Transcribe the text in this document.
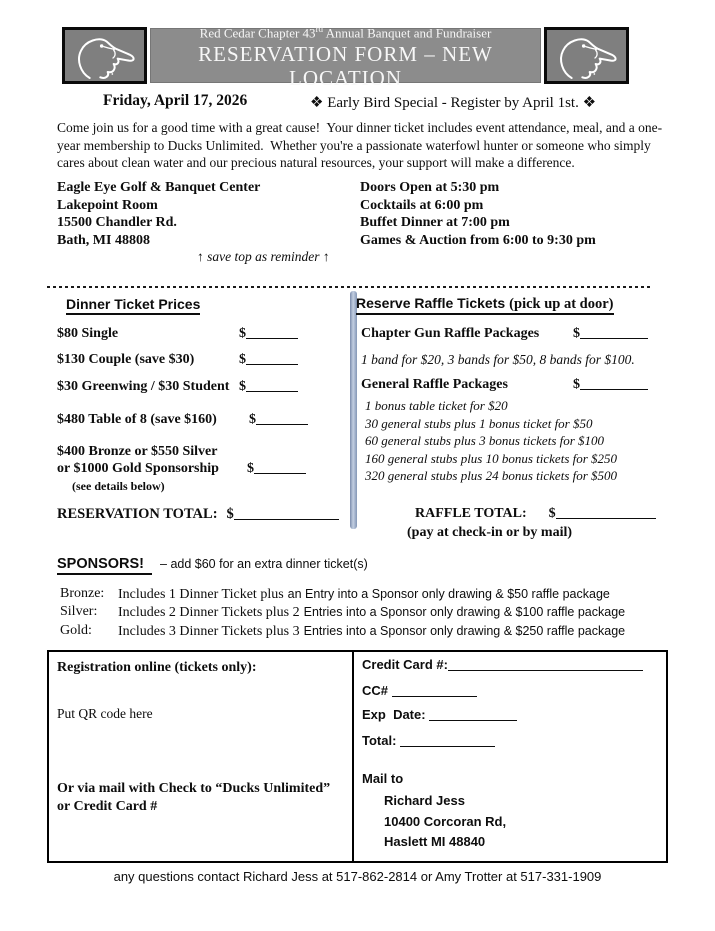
Red Cedar Chapter 43rd Annual Banquet and Fundraiser
RESERVATION FORM – NEW LOCATION
Friday, April 17, 2026	❖ Early Bird Special - Register by April 1st. ❖
Come join us for a good time with a great cause!  Your dinner ticket includes event attendance, meal, and a one-year membership to Ducks Unlimited.  Whether you're a passionate waterfowl hunter or someone who simply cares about clean water and our precious natural resources, your support will make a difference.
Eagle Eye Golf & Banquet Center
Lakepoint Room
15500 Chandler Rd.
Bath, MI 48808
Doors Open at 5:30 pm
Cocktails at 6:00 pm
Buffet Dinner at 7:00 pm
Games & Auction from 6:00 to 9:30 pm
↑ save top as reminder ↑
Dinner Ticket Prices
$80 Single	$
$130 Couple (save $30)	$
$30 Greenwing / $30 Student $
$480 Table of 8 (save $160)	$
$400 Bronze or $550 Silver
or $1000 Gold Sponsorship	$
(see details below)
RESERVATION TOTAL: $
Reserve Raffle Tickets (pick up at door)
Chapter Gun Raffle Packages	$
1 band for $20, 3 bands for $50, 8 bands for $100.
General Raffle Packages	$
1 bonus table ticket for $20
30 general stubs plus 1 bonus ticket for $50
60 general stubs plus 3 bonus tickets for $100
160 general stubs plus 10 bonus tickets for $250
320 general stubs plus 24 bonus tickets for $500
RAFFLE TOTAL: $
(pay at check-in or by mail)
SPONSORS!	– add $60 for an extra dinner ticket(s)
Bronze: Includes 1 Dinner Ticket plus an Entry into a Sponsor only drawing & $50 raffle package
Silver:	Includes 2 Dinner Tickets plus 2 Entries into a Sponsor only drawing & $100 raffle package
Gold:	Includes 3 Dinner Tickets plus 3 Entries into a Sponsor only drawing & $250 raffle package
Registration online (tickets only):
Put QR code here
Or via mail with Check to “Ducks Unlimited”
or Credit Card #
Credit Card #:
CC#
Exp  Date:
Total:
Mail to
Richard Jess
10400 Corcoran Rd,
Haslett MI 48840
any questions contact Richard Jess at 517-862-2814 or Amy Trotter at 517-331-1909
